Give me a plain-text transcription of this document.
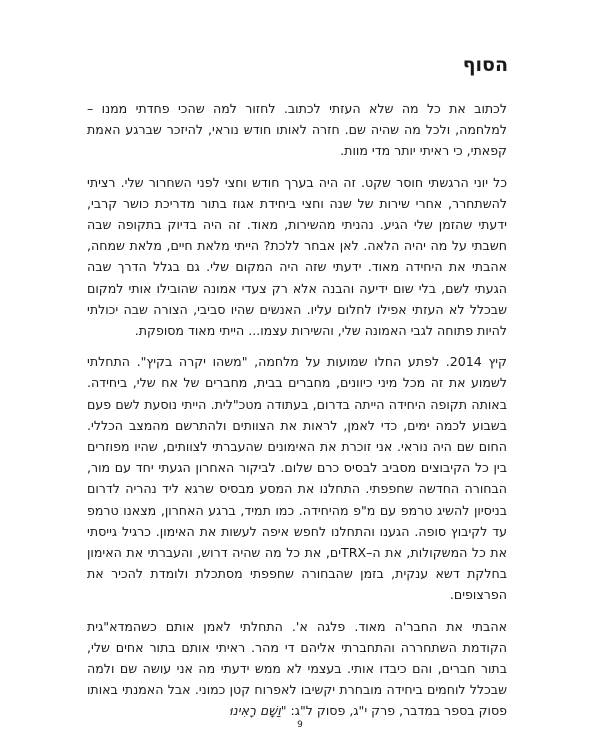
הסוף

לכתוב את כל מה שלא העזתי לכתוב. לחזור למה שהכי פחדתי ממנו – למלחמה, ולכל מה שהיה שם. חזרה לאותו חודש נוראי, להיזכר שברגע האמת קפאתי, כי ראיתי יותר מדי מוות.

כל יוני הרגשתי חוסר שקט. זה היה בערך חודש וחצי לפני השחרור שלי. רציתי להשתחרר, אחרי שירות של שנה וחצי ביחידת אגוז בתור מדריכת כושר קרבי, ידעתי שהזמן שלי הגיע. נהניתי מהשירות, מאוד. זה היה בדיוק בתקופה שבה חשבתי על מה יהיה הלאה. לאן אבחר ללכת? הייתי מלאת חיים, מלאת שמחה, אהבתי את היחידה מאוד. ידעתי שזה היה המקום שלי. גם בגלל הדרך שבה הגעתי לשם, בלי שום ידיעה והבנה אלא רק צעדי אמונה שהובילו אותי למקום שבכלל לא העזתי אפילו לחלום עליו. האנשים שהיו סביבי, הצורה שבה יכולתי להיות פתוחה לגבי האמונה שלי, והשירות עצמו... הייתי מאוד מסופקת.

קיץ 2014. לפתע החלו שמועות על מלחמה, "משהו יקרה בקיץ". התחלתי לשמוע את זה מכל מיני כיוונים, מחברים בבית, מחברים של אח שלי, ביחידה. באותה תקופה היחידה הייתה בדרום, בעתודה מטכ"לית. הייתי נוסעת לשם פעם בשבוע לכמה ימים, כדי לאמן, לראות את הצוותים ולהתרשם מהמצב הכללי. החום שם היה נוראי. אני זוכרת את האימונים שהעברתי לצוותים, שהיו מפוזרים בין כל הקיבוצים מסביב לבסיס כרם שלום. לביקור האחרון הגעתי יחד עם מור, הבחורה החדשה שחפפתי. התחלנו את המסע מבסיס שרגא ליד נהריה לדרום בניסיון להשיג טרמפ עם מ"פ מהיחידה. כמו תמיד, ברגע האחרון, מצאנו טרמפ עד לקיבוץ סופה. הגענו והתחלנו לחפש איפה לעשות את האימון. כרגיל גייסתי את כל המשקולות, את ה–TRXים, את כל מה שהיה דרוש, והעברתי את האימון בחלקת דשא ענקית, בזמן שהבחורה שחפפתי מסתכלת ולומדת להכיר את הפרצופים.

אהבתי את החבר'ה מאוד. פלגה א'. התחלתי לאמן אותם כשהמדא"גית הקודמת השתחררה והתחברתי אליהם די מהר. ראיתי אותם בתור אחים שלי, בתור חברים, והם כיבדו אותי. בעצמי לא ממש ידעתי מה אני עושה שם ולמה שבכלל לוחמים ביחידה מובחרת יקשיבו לאפרוח קטן כמוני. אבל האמנתי באותו פסוק בספר במדבר, פרק י"ג, פסוק ל"ג: "וַשָׁם רָאִינוּ

9
